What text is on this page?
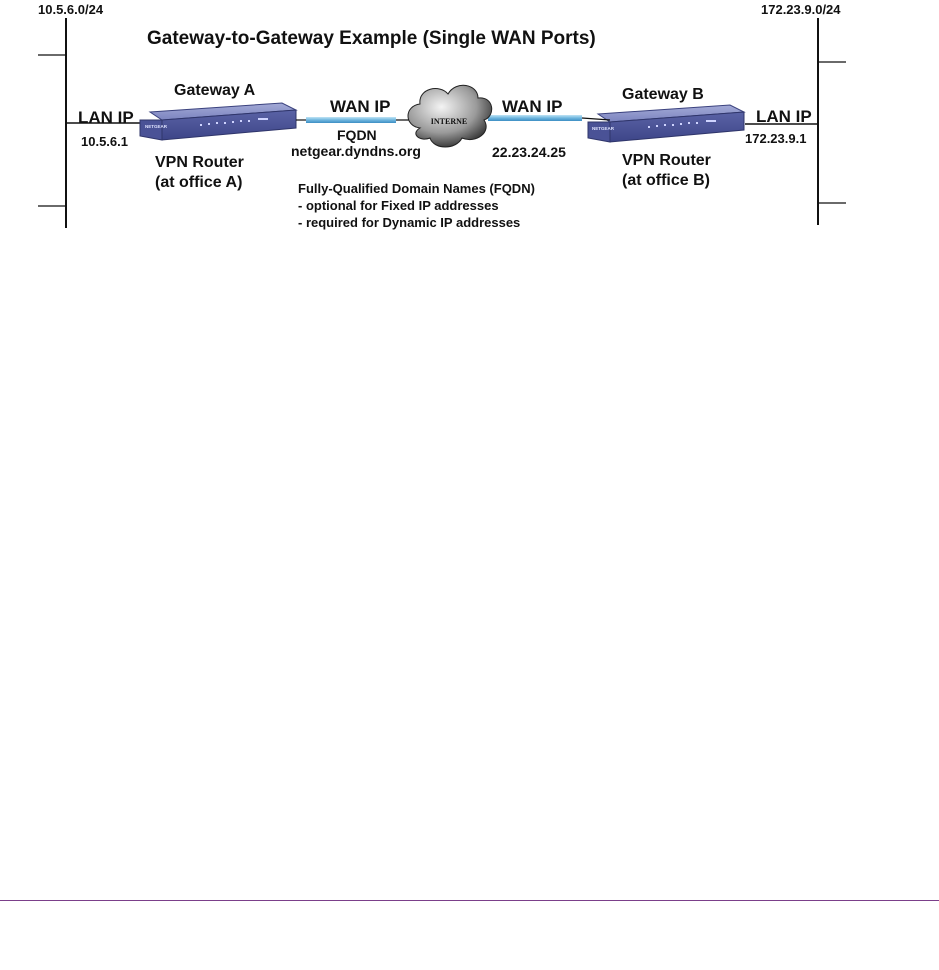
NETGEAR	NETGEAR
INTERNE
10.5.6.0/24	172.23.9.0/24
Gateway-to-Gateway Example (Single WAN Ports)
Gateway A
LAN IP
10.5.6.1
VPN Router
(at office A)
WAN IP
FQDN
netgear.dyndns.org
WAN IP
22.23.24.25
Gateway B
LAN IP
172.23.9.1
VPN Router
(at office B)
Fully-Qualified Domain Names (FQDN)
- optional for Fixed IP addresses
- required for Dynamic IP addresses
